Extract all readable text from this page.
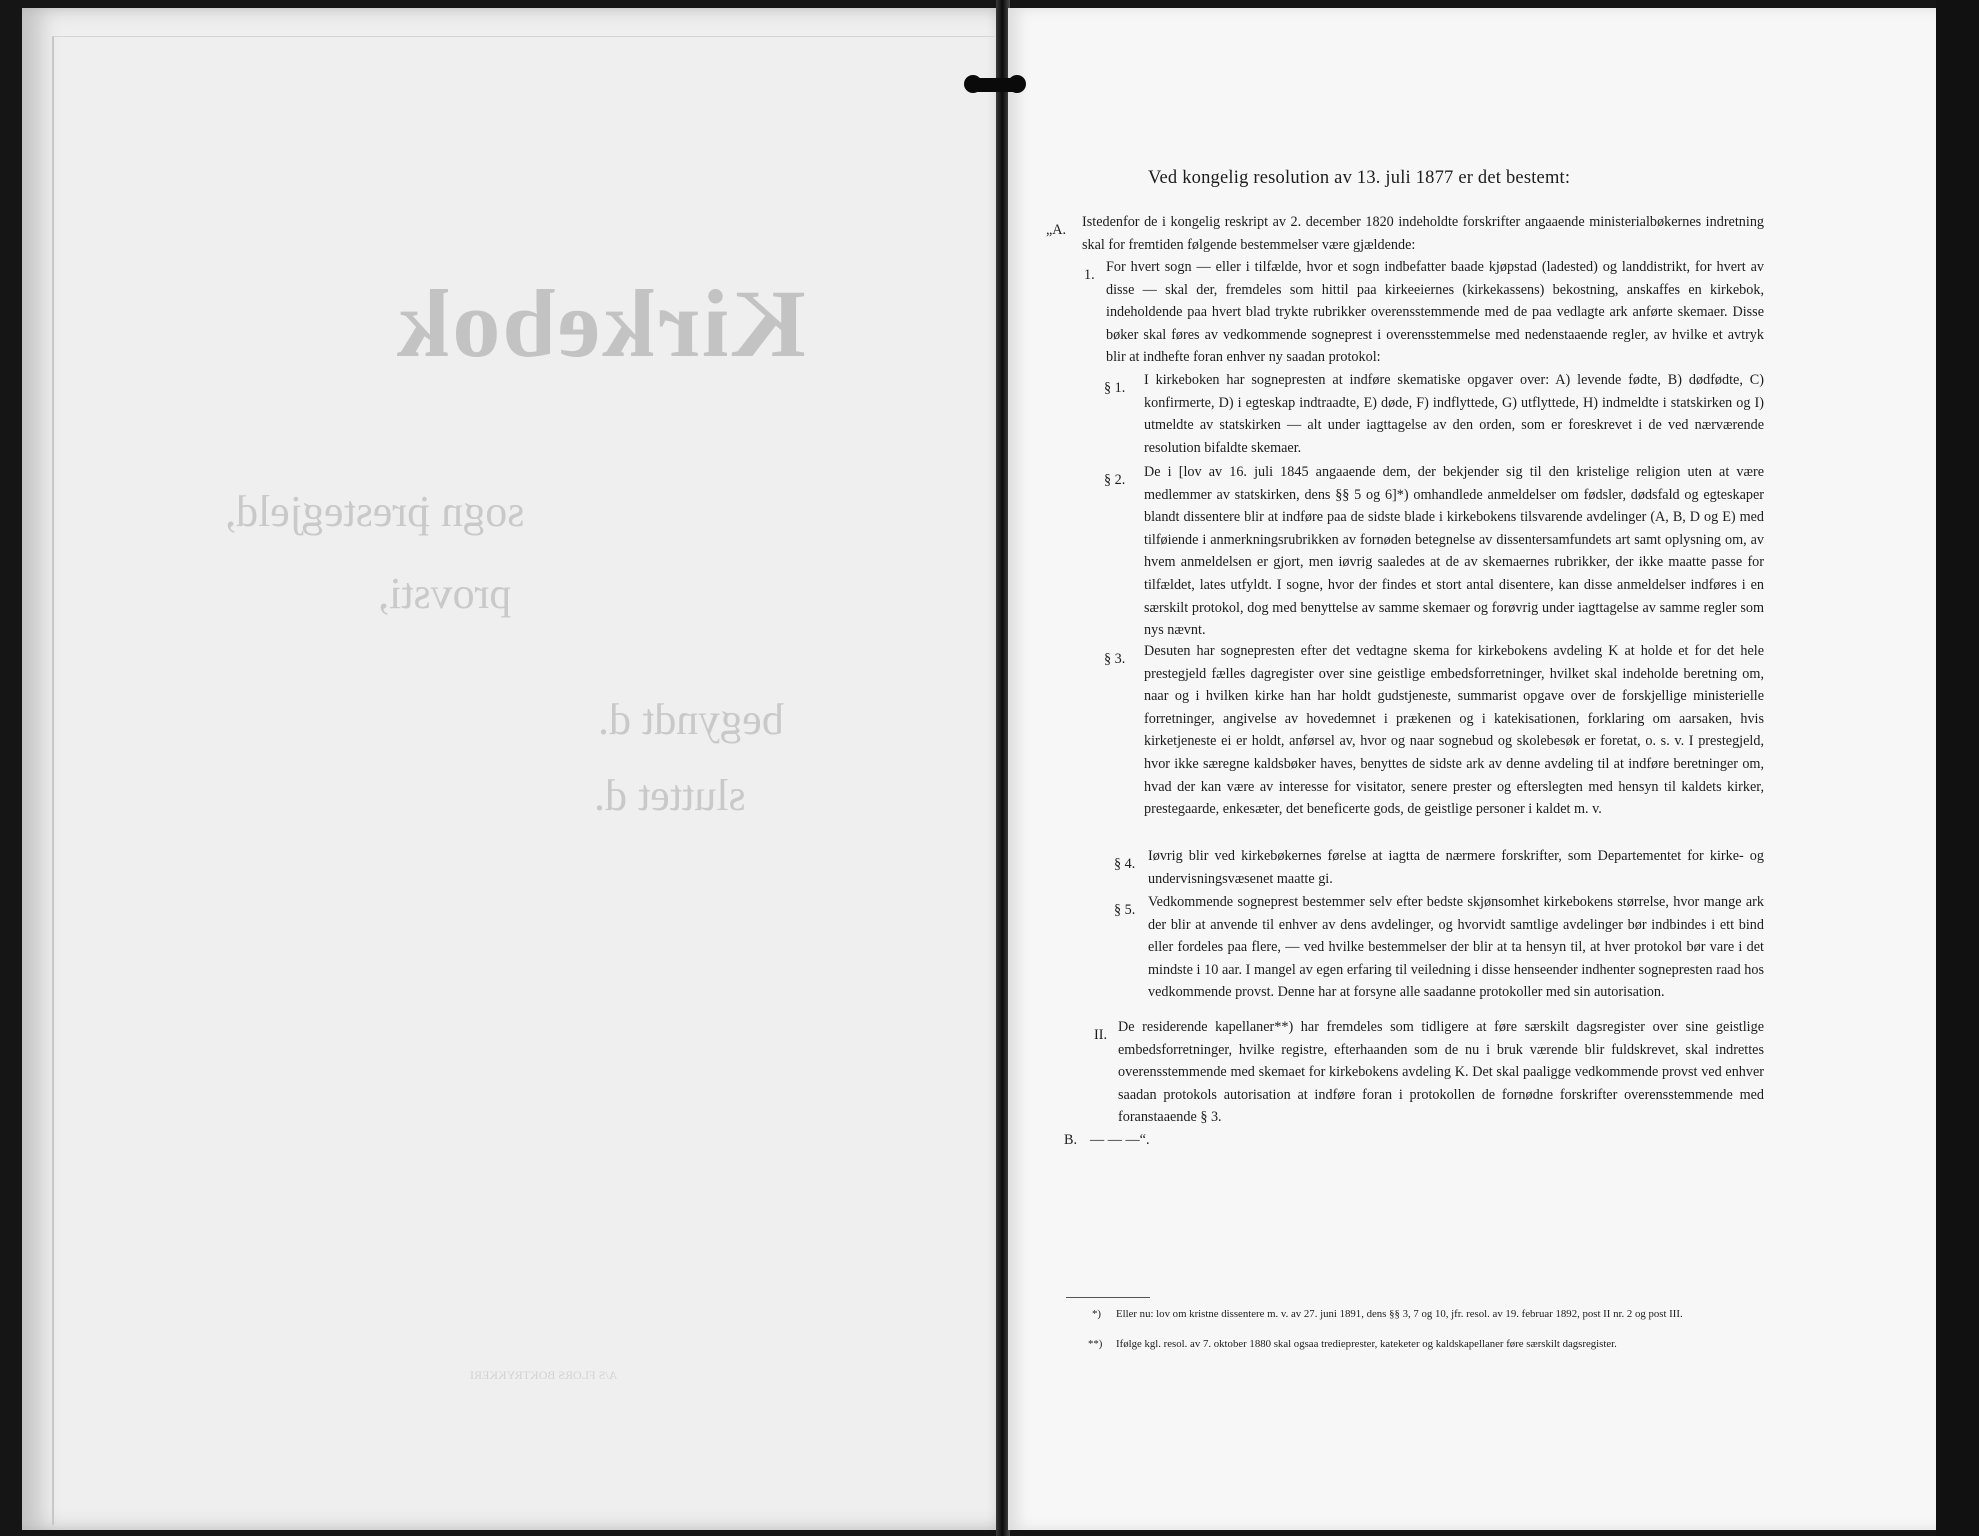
Kirkebok
sogn i
prestegjeld,
provsti,
begyndt d.
sluttet d.
A/S FLORS BOKTRYKKERI
Ved kongelig resolution av 13. juli 1877 er det bestemt:
„A. Istedenfor de i kongelig reskript av 2. december 1820 indeholdte forskrifter angaaende ministerialbøkernes indretning skal for fremtiden følgende bestemmelser være gjældende:
1. For hvert sogn — eller i tilfælde, hvor et sogn indbefatter baade kjøpstad (ladested) og landdistrikt, for hvert av disse — skal der, fremdeles som hittil paa kirkeeiernes (kirkekassens) bekostning, anskaffes en kirkebok, indeholdende paa hvert blad trykte rubrikker overensstemmende med de paa vedlagte ark anførte skemaer. Disse bøker skal føres av vedkommende sogneprest i overensstemmelse med nedenstaaende regler, av hvilke et avtryk blir at indhefte foran enhver ny saadan protokol:
§ 1. I kirkeboken har sognepresten at indføre skematiske opgaver over: A) levende fødte, B) dødfødte, C) konfirmerte, D) i egteskap indtraadte, E) døde, F) indflyttede, G) utflyttede, H) indmeldte i statskirken og I) utmeldte av statskirken — alt under iagttagelse av den orden, som er foreskrevet i de ved nærværende resolution bifaldte skemaer.
§ 2. De i [lov av 16. juli 1845 angaaende dem, der bekjender sig til den kristelige religion uten at være medlemmer av statskirken, dens §§ 5 og 6]*) omhandlede anmeldelser om fødsler, dødsfald og egteskaper blandt dissentere blir at indføre paa de sidste blade i kirkebokens tilsvarende avdelinger (A, B, D og E) med tilføiende i anmerkningsrubrikken av fornøden betegnelse av dissentersamfundets art samt oplysning om, av hvem anmeldelsen er gjort, men iøvrig saaledes at de av skemaernes rubrikker, der ikke maatte passe for tilfældet, lates utfyldt. I sogne, hvor der findes et stort antal disentere, kan disse anmeldelser indføres i en særskilt protokol, dog med benyttelse av samme skemaer og forøvrig under iagttagelse av samme regler som nys nævnt.
§ 3. Desuten har sognepresten efter det vedtagne skema for kirkebokens avdeling K at holde et for det hele prestegjeld fælles dagregister over sine geistlige embedsforretninger, hvilket skal indeholde beretning om, naar og i hvilken kirke han har holdt gudstjeneste, summarist opgave over de forskjellige ministerielle forretninger, angivelse av hovedemnet i prækenen og i katekisationen, forklaring om aarsaken, hvis kirketjeneste ei er holdt, anførsel av, hvor og naar sognebud og skolebesøk er foretat, o. s. v. I prestegjeld, hvor ikke særegne kaldsbøker haves, benyttes de sidste ark av denne avdeling til at indføre beretninger om, hvad der kan være av interesse for visitator, senere prester og efterslegten med hensyn til kaldets kirker, prestegaarde, enkesæter, det beneficerte gods, de geistlige personer i kaldet m. v.
§ 4. Iøvrig blir ved kirkebøkernes førelse at iagtta de nærmere forskrifter, som Departementet for kirke- og undervisningsvæsenet maatte gi.
§ 5. Vedkommende sogneprest bestemmer selv efter bedste skjønsomhet kirkebokens størrelse, hvor mange ark der blir at anvende til enhver av dens avdelinger, og hvorvidt samtlige avdelinger bør indbindes i ett bind eller fordeles paa flere, — ved hvilke bestemmelser der blir at ta hensyn til, at hver protokol bør vare i det mindste i 10 aar. I mangel av egen erfaring til veiledning i disse henseender indhenter sognepresten raad hos vedkommende provst. Denne har at forsyne alle saadanne protokoller med sin autorisation.
II. De residerende kapellaner**) har fremdeles som tidligere at føre særskilt dagsregister over sine geistlige embedsforretninger, hvilke registre, efterhaanden som de nu i bruk værende blir fuldskrevet, skal indrettes overensstemmende med skemaet for kirkebokens avdeling K. Det skal paaligge vedkommende provst ved enhver saadan protokols autorisation at indføre foran i protokollen de fornødne forskrifter overensstemmende med foranstaaende § 3.
B. — — —“.
*) Eller nu: lov om kristne dissentere m. v. av 27. juni 1891, dens §§ 3, 7 og 10, jfr. resol. av 19. februar 1892, post II nr. 2 og post III.
**) Ifølge kgl. resol. av 7. oktober 1880 skal ogsaa tredieprester, kateketer og kaldskapellaner føre særskilt dagsregister.
